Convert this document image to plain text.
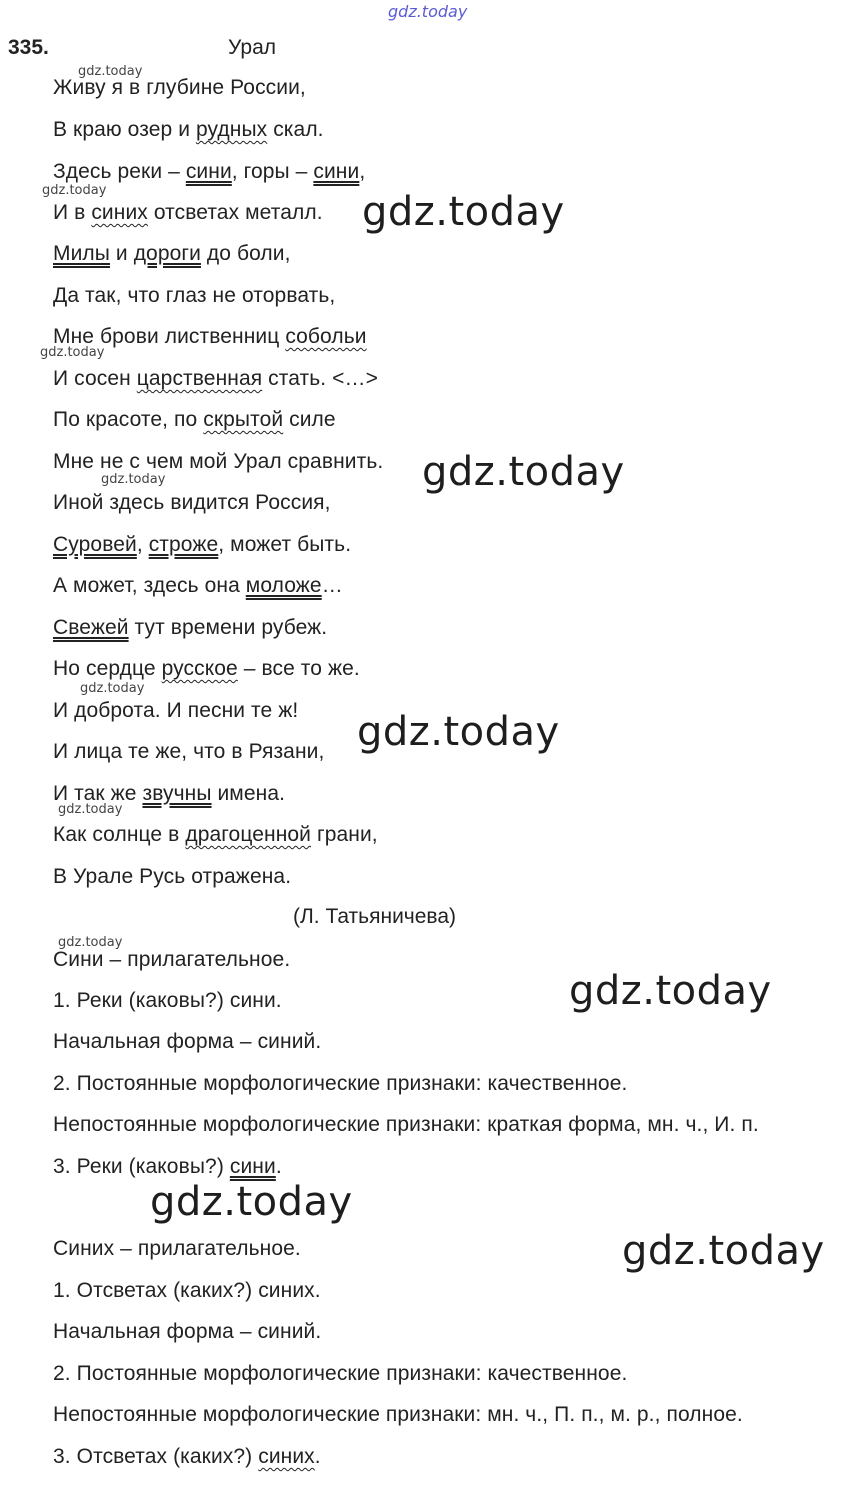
gdz.today
335.	Урал
Живу я в глубине России,
В краю озер и рудных скал.
Здесь реки – сини, горы – сини,
И в синих отсветах металл.
Милы и дороги до боли,
Да так, что глаз не оторвать,
Мне брови лиственниц собольи
И сосен царственная стать. <…>
По красоте, по скрытой силе
Мне не с чем мой Урал сравнить.
Иной здесь видится Россия,
Суровей, строже, может быть.
А может, здесь она моложе…
Свежей тут времени рубеж.
Но сердце русское – все то же.
И доброта. И песни те ж!
И лица те же, что в Рязани,
И так же звучны имена.
Как солнце в драгоценной грани,
В Урале Русь отражена.
(Л. Татьяничева)
Сини – прилагательное.
1. Реки (каковы?) сини.
Начальная форма – синий.
2. Постоянные морфологические признаки: качественное.
Непостоянные морфологические признаки: краткая форма, мн. ч., И. п.
3. Реки (каковы?) сини.
Синих – прилагательное.
1. Отсветах (каких?) синих.
Начальная форма – синий.
2. Постоянные морфологические признаки: качественное.
Непостоянные морфологические признаки: мн. ч., П. п., м. р., полное.
3. Отсветах (каких?) синих.
gdz.today
gdz.today
gdz.today
gdz.today
gdz.today
gdz.today
gdz.today
gdz.today
gdz.today
gdz.today
gdz.today
gdz.today
gdz.today
